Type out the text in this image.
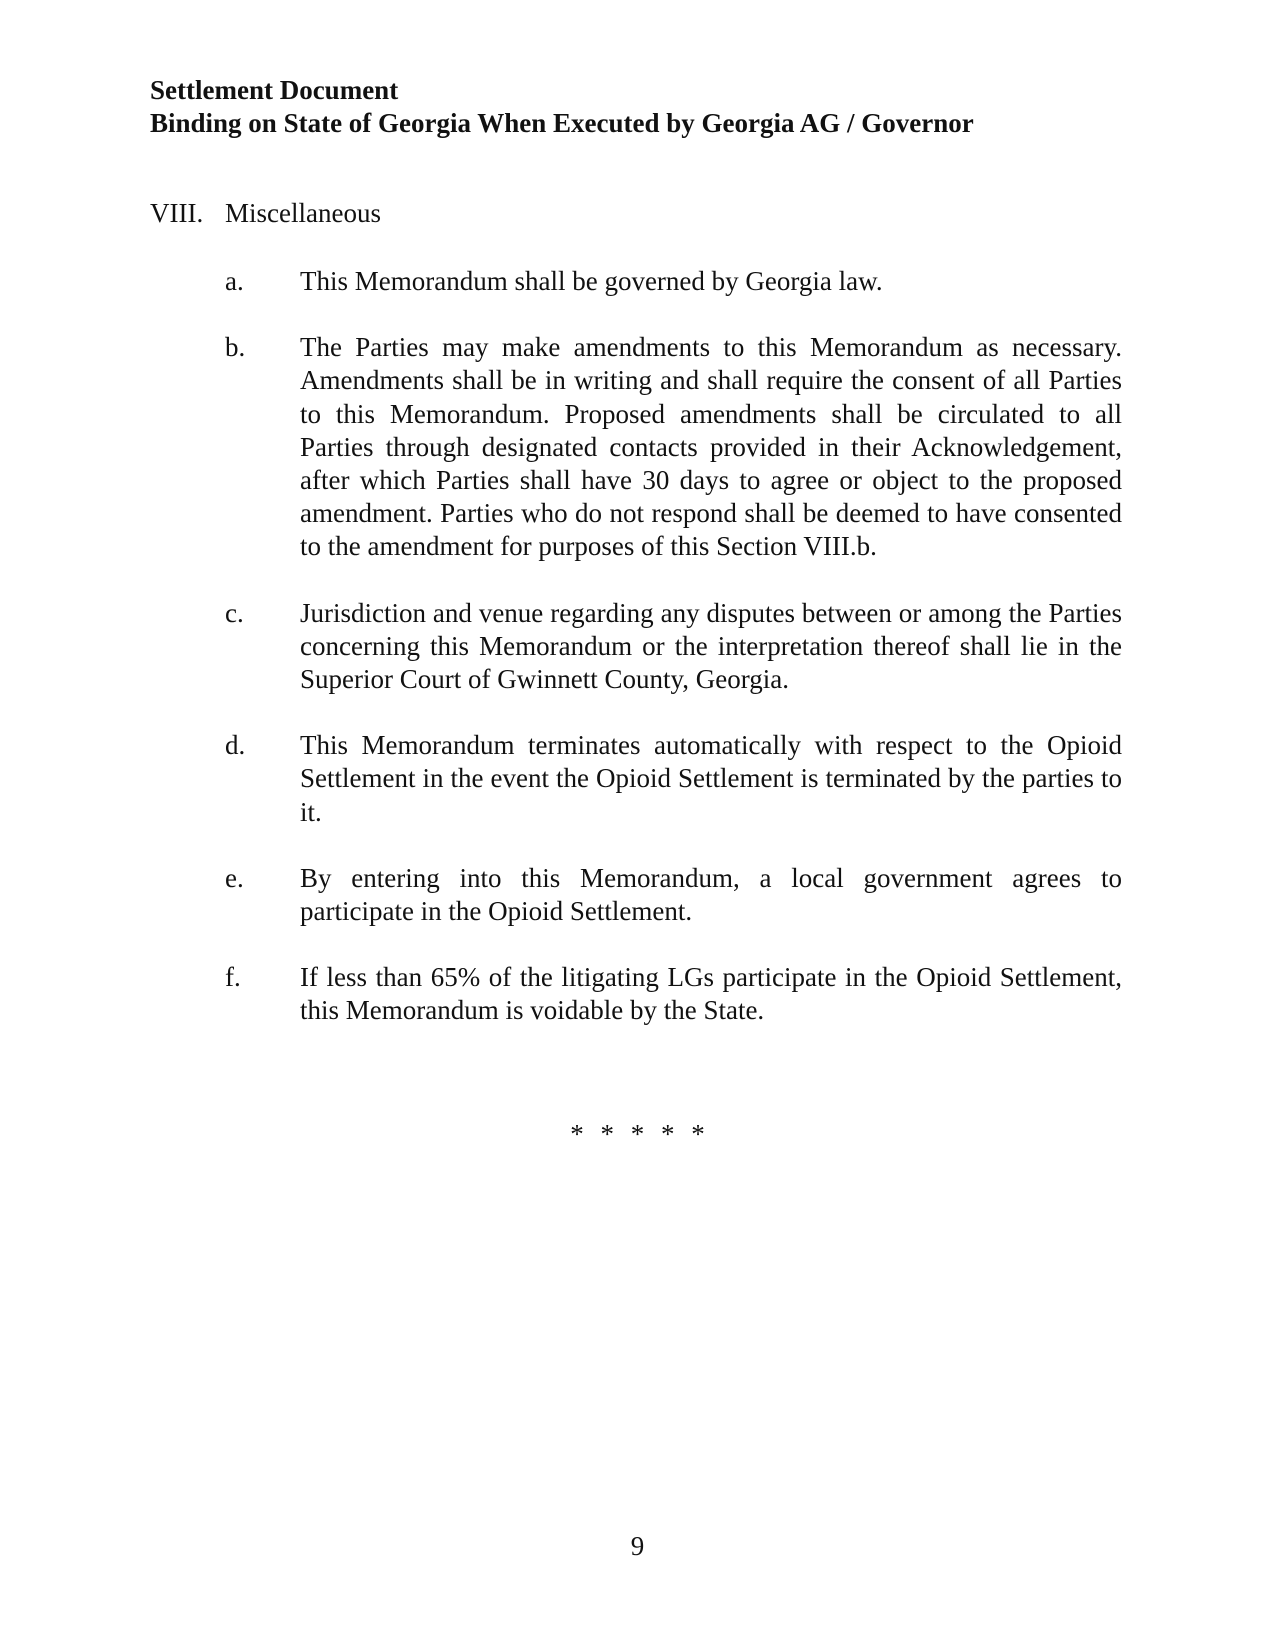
Settlement Document
Binding on State of Georgia When Executed by Georgia AG / Governor
VIII. Miscellaneous
a. This Memorandum shall be governed by Georgia law.
b. The Parties may make amendments to this Memorandum as necessary. Amendments shall be in writing and shall require the consent of all Parties to this Memorandum. Proposed amendments shall be circulated to all Parties through designated contacts provided in their Acknowledgement, after which Parties shall have 30 days to agree or object to the proposed amendment. Parties who do not respond shall be deemed to have consented to the amendment for purposes of this Section VIII.b.
c. Jurisdiction and venue regarding any disputes between or among the Parties concerning this Memorandum or the interpretation thereof shall lie in the Superior Court of Gwinnett County, Georgia.
d. This Memorandum terminates automatically with respect to the Opioid Settlement in the event the Opioid Settlement is terminated by the parties to it.
e. By entering into this Memorandum, a local government agrees to participate in the Opioid Settlement.
f. If less than 65% of the litigating LGs participate in the Opioid Settlement, this Memorandum is voidable by the State.
* * * * *
9
